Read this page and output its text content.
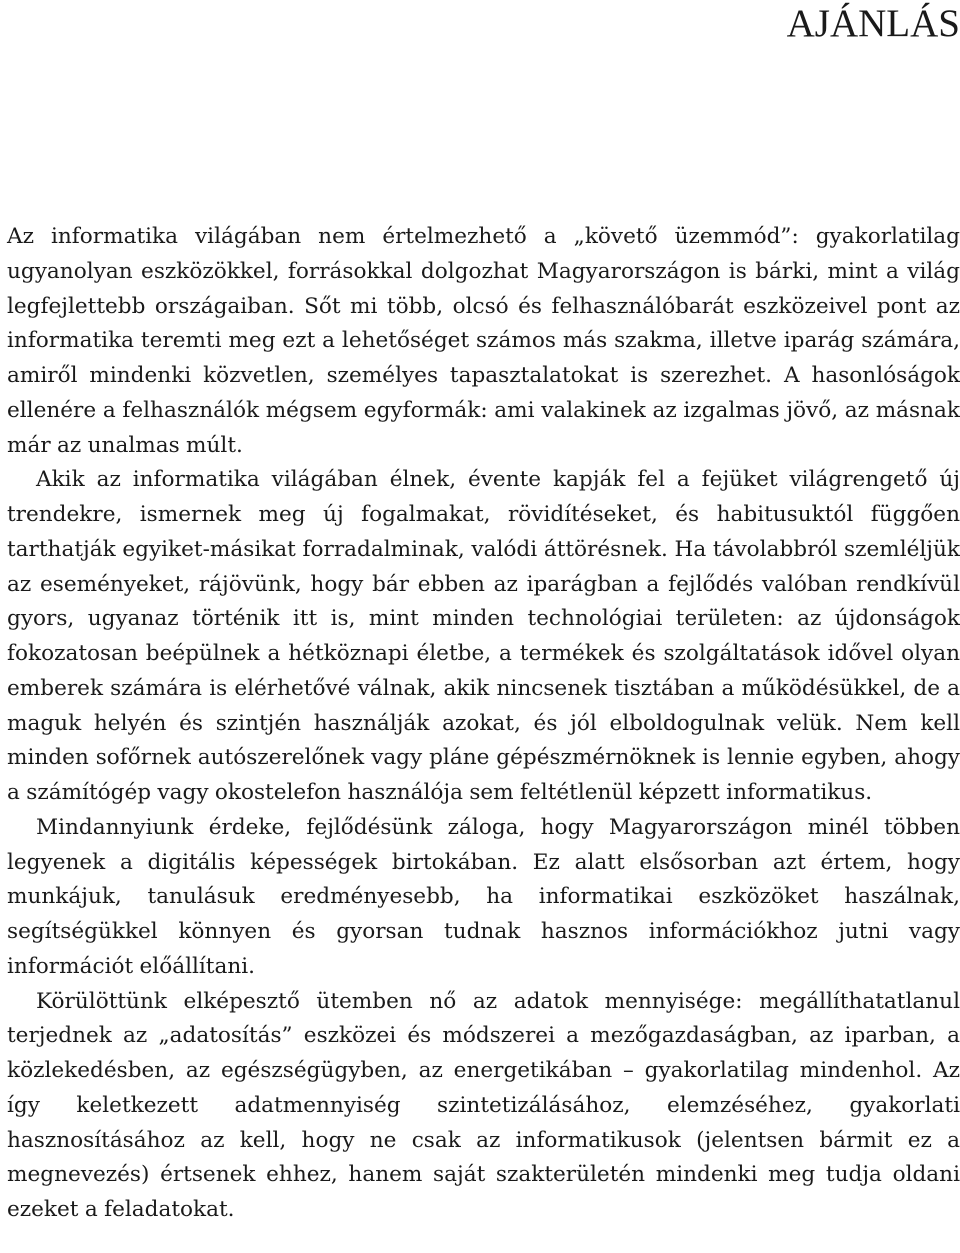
AJÁNLÁS

Az informatika világában nem értelmezhető a „követő üzemmód”: gyakorlatilag ugyanolyan eszközökkel, forrásokkal dolgozhat Magyarországon is bárki, mint a világ legfejlettebb országaiban. Sőt mi több, olcsó és felhasználóbarát eszközeivel pont az informatika teremti meg ezt a lehetőséget számos más szakma, illetve iparág számára, amiről mindenki közvetlen, személyes tapasztalatokat is szerezhet. A hasonlóságok ellenére a felhasználók mégsem egyformák: ami valakinek az izgalmas jövő, az másnak már az unalmas múlt.

Akik az informatika világában élnek, évente kapják fel a fejüket világrengető új trendekre, ismernek meg új fogalmakat, rövidítéseket, és habitusuktól függően tarthatják egyiket-másikat forradalminak, valódi áttörésnek. Ha távolabbról szemléljük az eseményeket, rájövünk, hogy bár ebben az iparágban a fejlődés valóban rendkívül gyors, ugyanaz történik itt is, mint minden technológiai területen: az újdonságok fokozatosan beépülnek a hétköznapi életbe, a termékek és szolgáltatások idővel olyan emberek számára is elérhetővé válnak, akik nincsenek tisztában a működésükkel, de a maguk helyén és szintjén használják azokat, és jól elboldogulnak velük. Nem kell minden sofőrnek autószerelőnek vagy pláne gépészmérnöknek is lennie egyben, ahogy a számítógép vagy okostelefon használója sem feltétlenül képzett informatikus.

Mindannyiunk érdeke, fejlődésünk záloga, hogy Magyarországon minél többen legyenek a digitális képességek birtokában. Ez alatt elsősorban azt értem, hogy munkájuk, tanulásuk eredményesebb, ha informatikai eszközöket haszálnak, segítségükkel könnyen és gyorsan tudnak hasznos információkhoz jutni vagy információt előállítani.

Körülöttünk elképesztő ütemben nő az adatok mennyisége: megállíthatatlanul terjednek az „adatosítás” eszközei és módszerei a mezőgazdaságban, az iparban, a közlekedésben, az egészségügyben, az energetikában – gyakorlatilag mindenhol. Az így keletkezett adatmennyiség szintetizálásához, elemzéséhez, gyakorlati hasznosításához az kell, hogy ne csak az informatikusok (jelentsen bármit ez a megnevezés) értsenek ehhez, hanem saját szakterületén mindenki meg tudja oldani ezeket a feladatokat.
